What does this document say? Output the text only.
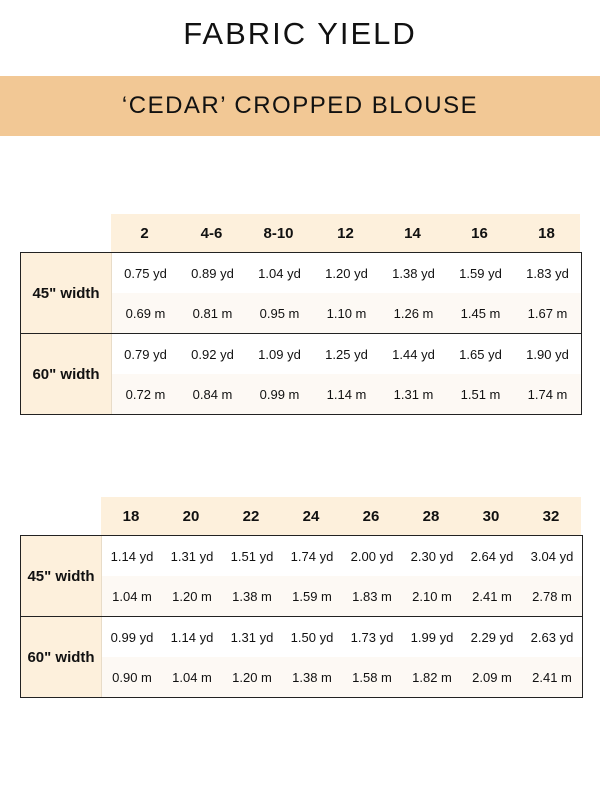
FABRIC YIELD
‘CEDAR’ CROPPED BLOUSE
2	4-6	8-10	12	14	16	18
45" width
0.75 yd	0.89 yd	1.04 yd	1.20 yd	1.38 yd	1.59 yd	1.83 yd
0.69 m	0.81 m	0.95 m	1.10 m	1.26 m	1.45 m	1.67 m
60" width
0.79 yd	0.92 yd	1.09 yd	1.25 yd	1.44 yd	1.65 yd	1.90 yd
0.72 m	0.84 m	0.99 m	1.14 m	1.31 m	1.51 m	1.74 m
18	20	22	24	26	28	30	32
45" width
1.14 yd	1.31 yd	1.51 yd	1.74 yd	2.00 yd	2.30 yd	2.64 yd	3.04 yd
1.04 m	1.20 m	1.38 m	1.59 m	1.83 m	2.10 m	2.41 m	2.78 m
60" width
0.99 yd	1.14 yd	1.31 yd	1.50 yd	1.73 yd	1.99 yd	2.29 yd	2.63 yd
0.90 m	1.04 m	1.20 m	1.38 m	1.58 m	1.82 m	2.09 m	2.41 m
